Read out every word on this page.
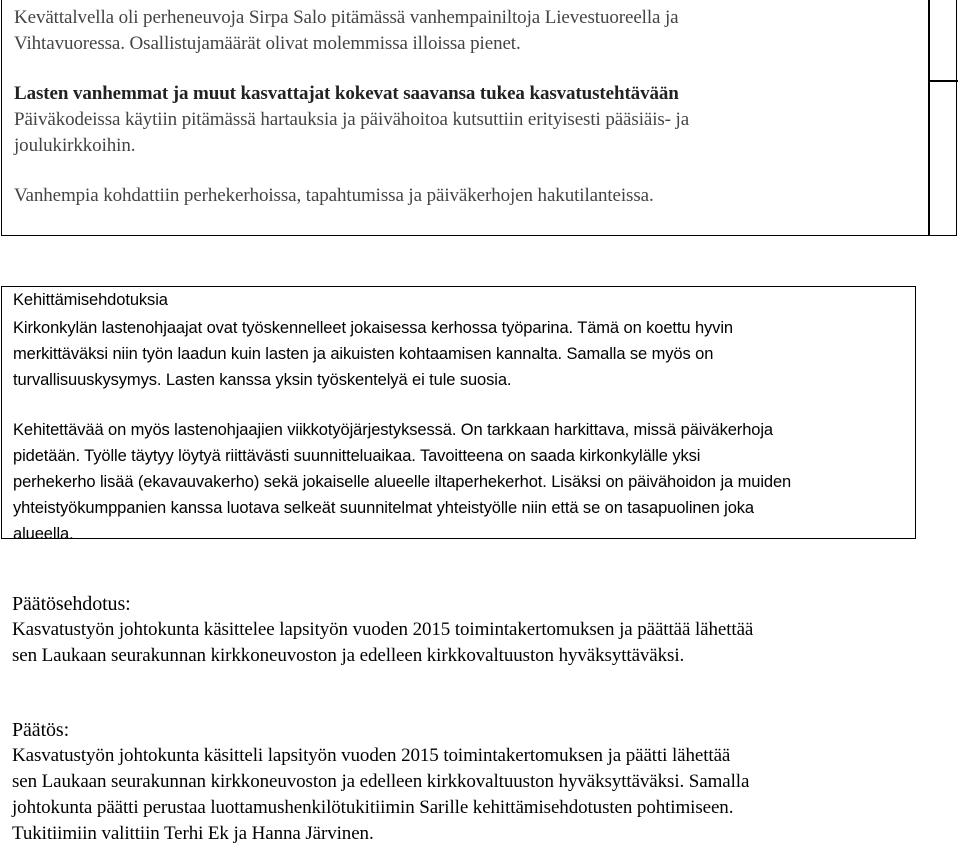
Kevättalvella oli perheneuvoja Sirpa Salo pitämässä vanhempainiltoja Lievestuoreella ja
Vihtavuoressa. Osallistujamäärät olivat molemmissa illoissa pienet.
Lasten vanhemmat ja muut kasvattajat kokevat saavansa tukea kasvatustehtävään
Päiväkodeissa käytiin pitämässä hartauksia ja päivähoitoa kutsuttiin erityisesti pääsiäis- ja
joulukirkkoihin.
Vanhempia kohdattiin perhekerhoissa, tapahtumissa ja päiväkerhojen hakutilanteissa.
Kehittämisehdotuksia
Kirkonkylän lastenohjaajat ovat työskennelleet jokaisessa kerhossa työparina. Tämä on koettu hyvin
merkittäväksi niin työn laadun kuin lasten ja aikuisten kohtaamisen kannalta. Samalla se myös on
turvallisuuskysymys. Lasten kanssa yksin työskentelyä ei tule suosia.
Kehitettävää on myös lastenohjaajien viikkotyöjärjestyksessä. On tarkkaan harkittava, missä päiväkerhoja
pidetään. Työlle täytyy löytyä riittävästi suunnitteluaikaa. Tavoitteena on saada kirkonkylälle yksi
perhekerho lisää (ekavauvakerho) sekä jokaiselle alueelle iltaperhekerhot. Lisäksi on päivähoidon ja muiden
yhteistyökumppanien kanssa luotava selkeät suunnitelmat yhteistyölle niin että se on tasapuolinen joka
alueella.
Päätösehdotus:
Kasvatustyön johtokunta käsittelee lapsityön vuoden 2015 toimintakertomuksen ja päättää lähettää
sen Laukaan seurakunnan kirkkoneuvoston ja edelleen kirkkovaltuuston hyväksyttäväksi.
Päätös:
Kasvatustyön johtokunta käsitteli lapsityön vuoden 2015 toimintakertomuksen ja päätti lähettää
sen Laukaan seurakunnan kirkkoneuvoston ja edelleen kirkkovaltuuston hyväksyttäväksi. Samalla
johtokunta päätti perustaa luottamushenkilötukitiimin Sarille kehittämisehdotusten pohtimiseen.
Tukitiimiin valittiin Terhi Ek ja Hanna Järvinen.
